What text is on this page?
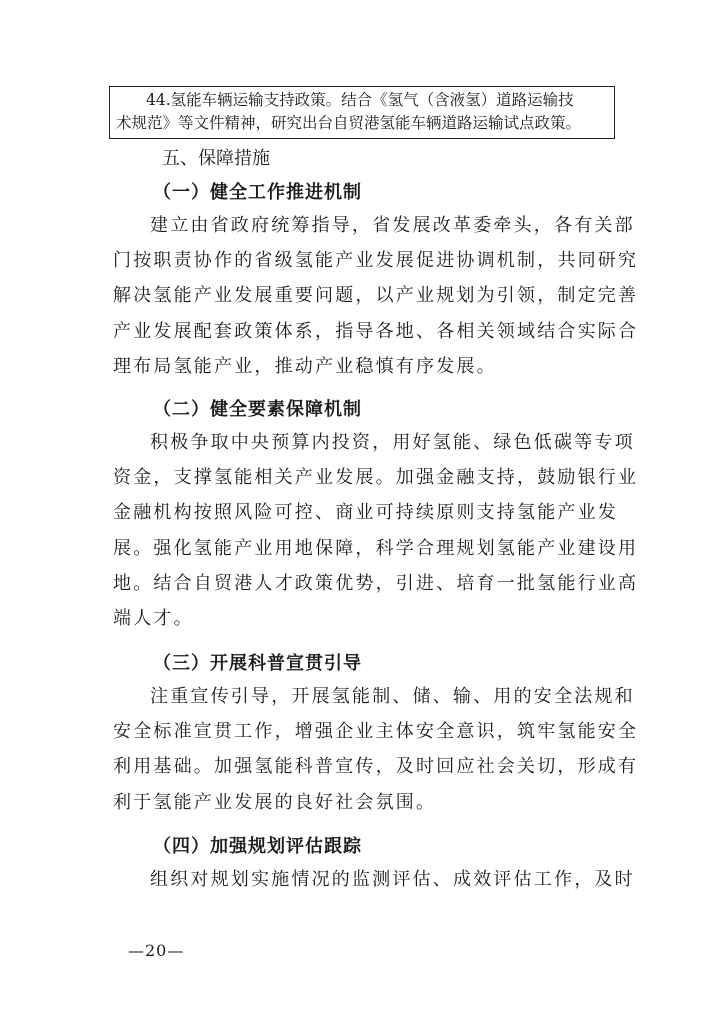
44.氢能车辆运输支持政策。结合《氢气（含液氢）道路运输技
术规范》等文件精神，研究出台自贸港氢能车辆道路运输试点政策。
五、保障措施
（一）健全工作推进机制
建立由省政府统筹指导，省发展改革委牵头，各有关部
门按职责协作的省级氢能产业发展促进协调机制，共同研究
解决氢能产业发展重要问题，以产业规划为引领，制定完善
产业发展配套政策体系，指导各地、各相关领域结合实际合
理布局氢能产业，推动产业稳慎有序发展。
（二）健全要素保障机制
积极争取中央预算内投资，用好氢能、绿色低碳等专项
资金，支撑氢能相关产业发展。加强金融支持，鼓励银行业
金融机构按照风险可控、商业可持续原则支持氢能产业发
展。强化氢能产业用地保障，科学合理规划氢能产业建设用
地。结合自贸港人才政策优势，引进、培育一批氢能行业高
端人才。
（三）开展科普宣贯引导
注重宣传引导，开展氢能制、储、输、用的安全法规和
安全标准宣贯工作，增强企业主体安全意识，筑牢氢能安全
利用基础。加强氢能科普宣传，及时回应社会关切，形成有
利于氢能产业发展的良好社会氛围。
（四）加强规划评估跟踪
组织对规划实施情况的监测评估、成效评估工作，及时
—20—
